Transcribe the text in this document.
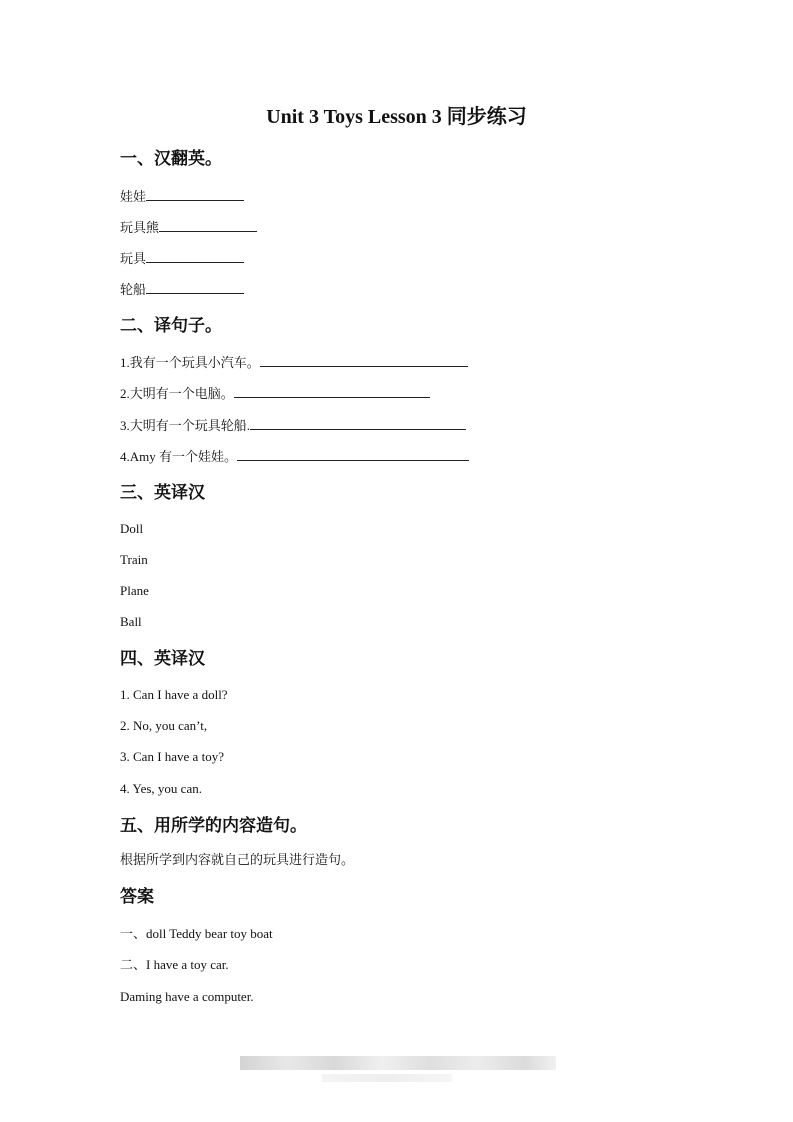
Unit 3 Toys Lesson 3 同步练习
一、汉翻英。
娃娃
玩具熊
玩具
轮船
二、译句子。
1.我有一个玩具小汽车。
2.大明有一个电脑。
3.大明有一个玩具轮船.
4.Amy 有一个娃娃。
三、英译汉
Doll
Train
Plane
Ball
四、英译汉
1. Can I have a doll?
2. No, you can’t,
3. Can I have a toy?
4. Yes, you can.
五、用所学的内容造句。
根据所学到内容就自己的玩具进行造句。
答案
一、doll Teddy bear toy boat
二、I have a toy car.
Daming have a computer.
